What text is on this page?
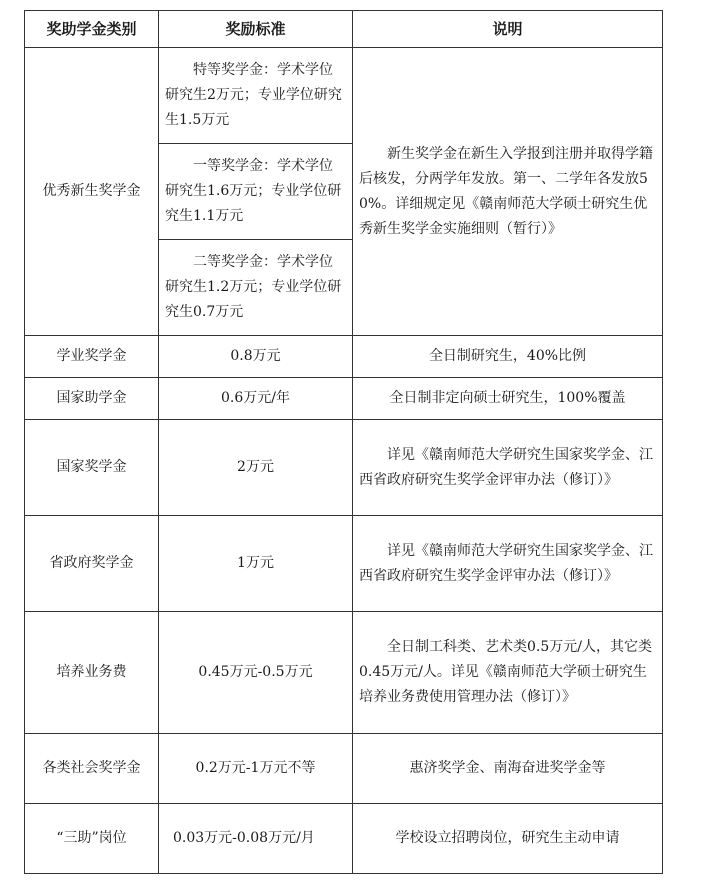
奖助学金类别	奖励标准	说明
优秀新生奖学金	特等奖学金：学术学位研究生2万元；专业学位研究生1.5万元	新生奖学金在新生入学报到注册并取得学籍后核发，分两学年发放。第一、二学年各发放50%。详细规定见《赣南师范大学硕士研究生优秀新生奖学金实施细则（暂行）》
	一等奖学金：学术学位研究生1.6万元；专业学位研究生1.1万元	
	二等奖学金：学术学位研究生1.2万元；专业学位研究生0.7万元	
学业奖学金	0.8万元	全日制研究生，40%比例
国家助学金	0.6万元/年	全日制非定向硕士研究生，100%覆盖
国家奖学金	2万元	详见《赣南师范大学研究生国家奖学金、江西省政府研究生奖学金评审办法（修订）》
省政府奖学金	1万元	详见《赣南师范大学研究生国家奖学金、江西省政府研究生奖学金评审办法（修订）》
培养业务费	0.45万元-0.5万元	全日制工科类、艺术类0.5万元/人，其它类0.45万元/人。详见《赣南师范大学硕士研究生培养业务费使用管理办法（修订）》
各类社会奖学金	0.2万元-1万元不等	惠济奖学金、南海奋进奖学金等
“三助”岗位	0.03万元-0.08万元/月	学校设立招聘岗位，研究生主动申请
